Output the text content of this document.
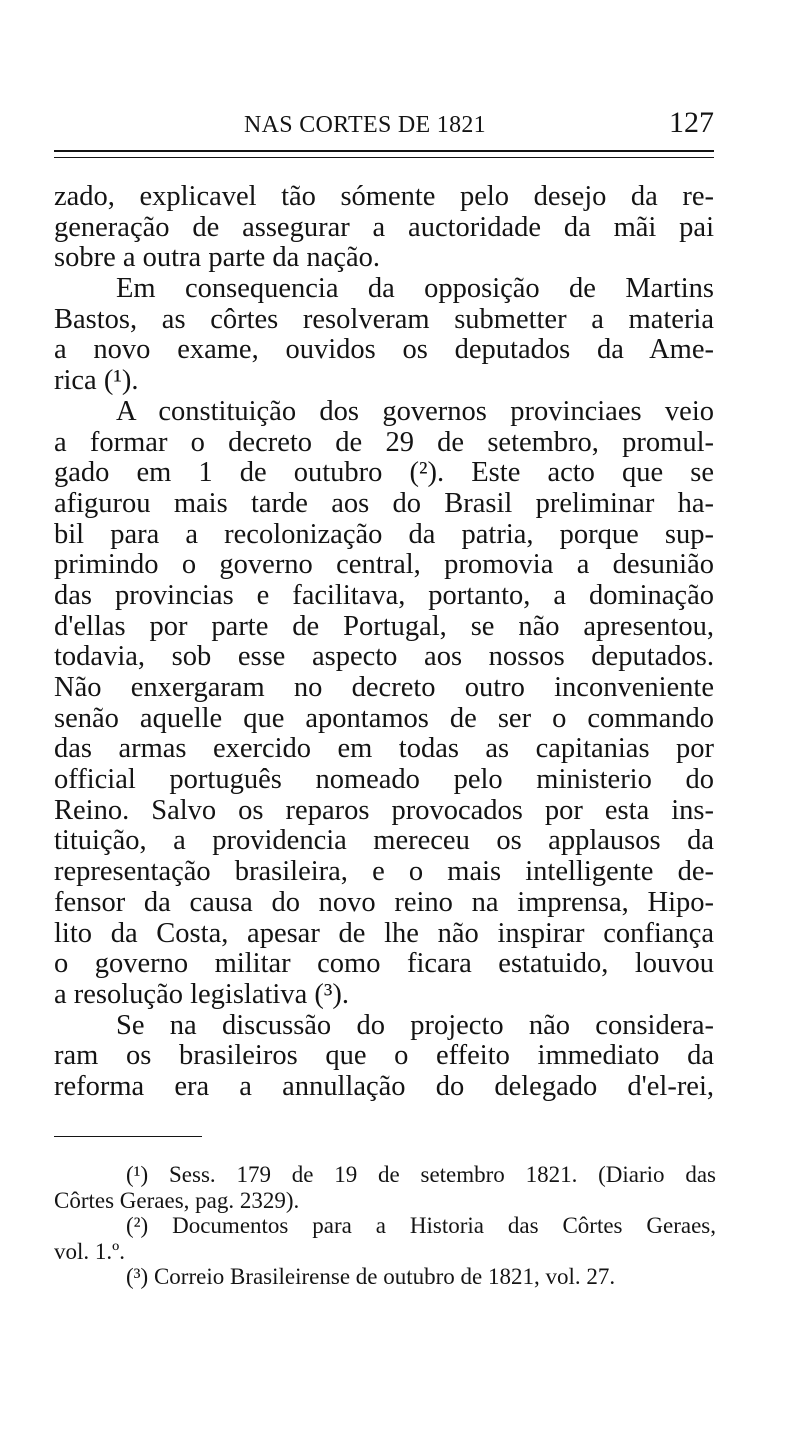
NAS CORTES DE 1821	127
zado, explicavel tão sómente pelo desejo da re-
generação de assegurar a auctoridade da mãi pai
sobre a outra parte da nação.
Em consequencia da opposição de Martins
Bastos, as côrtes resolveram submetter a materia
a novo exame, ouvidos os deputados da Ame-
rica (¹).
A constituição dos governos provinciaes veio
a formar o decreto de 29 de setembro, promul-
gado em 1 de outubro (²). Este acto que se
afigurou mais tarde aos do Brasil preliminar ha-
bil para a recolonização da patria, porque sup-
primindo o governo central, promovia a desunião
das provincias e facilitava, portanto, a dominação
d'ellas por parte de Portugal, se não apresentou,
todavia, sob esse aspecto aos nossos deputados.
Não enxergaram no decreto outro inconveniente
senão aquelle que apontamos de ser o commando
das armas exercido em todas as capitanias por
official português nomeado pelo ministerio do
Reino. Salvo os reparos provocados por esta ins-
tituição, a providencia mereceu os applausos da
representação brasileira, e o mais intelligente de-
fensor da causa do novo reino na imprensa, Hipo-
lito da Costa, apesar de lhe não inspirar confiança
o governo militar como ficara estatuido, louvou
a resolução legislativa (³).
Se na discussão do projecto não considera-
ram os brasileiros que o effeito immediato da
reforma era a annullação do delegado d'el-rei,
(¹) Sess. 179 de 19 de setembro 1821. (Diario das
Côrtes Geraes, pag. 2329).
(²) Documentos para a Historia das Côrtes Geraes,
vol. 1.º.
(³) Correio Brasileirense de outubro de 1821, vol. 27.
